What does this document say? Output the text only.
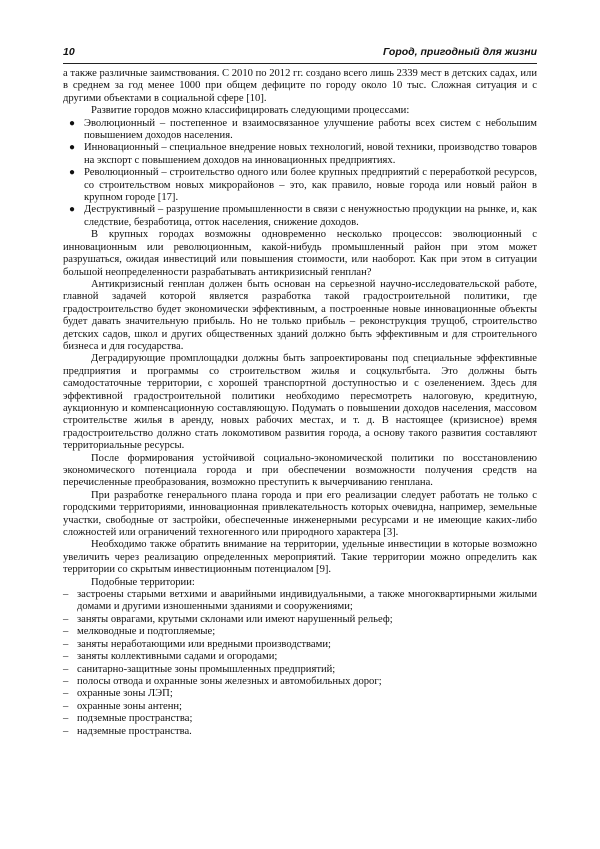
10	Город, пригодный для жизни

а также различные заимствования. С 2010 по 2012 гг. создано всего лишь 2339 мест в детских садах, или в среднем за год менее 1000 при общем дефиците по городу около 10 тыс. Сложная ситуация и с другими объектами в социальной сфере [10].

Развитие городов можно классифицировать следующими процессами:

● Эволюционный – постепенное и взаимосвязанное улучшение работы всех систем с небольшим повышением доходов населения.

● Инновационный – специальное внедрение новых технологий, новой техники, производство товаров на экспорт с повышением доходов на инновационных предприятиях.

● Революционный – строительство одного или более крупных предприятий с переработкой ресурсов, со строительством новых микрорайонов – это, как правило, новые города или новый район в крупном городе [17].

● Деструктивный – разрушение промышленности в связи с ненужностью продукции на рынке, и, как следствие, безработица, отток населения, снижение доходов.

В крупных городах возможны одновременно несколько процессов: эволюционный с инновационным или революционным, какой-нибудь промышленный район при этом может разрушаться, ожидая инвестиций или повышения стоимости, или наоборот. Как при этом в ситуации большой неопределенности разрабатывать антикризисный генплан?

Антикризисный генплан должен быть основан на серьезной научно-исследовательской работе, главной задачей которой является разработка такой градостроительной политики, где градостроительство будет экономически эффективным, а построенные новые инновационные объекты будет давать значительную прибыль. Но не только прибыль – реконструкция трущоб, строительство детских садов, школ и других общественных зданий должно быть эффективным и для строительного бизнеса и для государства.

Деградирующие промплощадки должны быть запроектированы под специальные эффективные предприятия и программы со строительством жилья и соцкультбыта. Это должны быть самодостаточные территории, с хорошей транспортной доступностью и с озеленением. Здесь для эффективной градостроительной политики необходимо пересмотреть налоговую, кредитную, аукционную и компенсационную составляющую. Подумать о повышении доходов населения, массовом строительстве жилья в аренду, новых рабочих местах, и т. д. В настоящее (кризисное) время градостроительство должно стать локомотивом развития города, а основу такого развития составляют территориальные ресурсы.

После формирования устойчивой социально-экономической политики по восстановлению экономического потенциала города и при обеспечении возможности получения средств на перечисленные преобразования, возможно преступить к вычерчиванию генплана.

При разработке генерального плана города и при его реализации следует работать не только с городскими территориями, инновационная привлекательность которых очевидна, например, земельные участки, свободные от застройки, обеспеченные инженерными ресурсами и не имеющие каких-либо сложностей или ограничений техногенного или природного характера [3].

Необходимо также обратить внимание на территории, удельные инвестиции в которые возможно увеличить через реализацию определенных мероприятий. Такие территории можно определить как территории со скрытым инвестиционным потенциалом [9].

Подобные территории:

– застроены старыми ветхими и аварийными индивидуальными, а также многоквартирными жилыми домами и другими изношенными зданиями и сооружениями;

– заняты оврагами, крутыми склонами или имеют нарушенный рельеф;

– мелководные и подтопляемые;

– заняты неработающими или вредными производствами;

– заняты коллективными садами и огородами;

– санитарно-защитные зоны промышленных предприятий;

– полосы отвода и охранные зоны железных и автомобильных дорог;

– охранные зоны ЛЭП;

– охранные зоны антенн;

– подземные пространства;

– надземные пространства.
